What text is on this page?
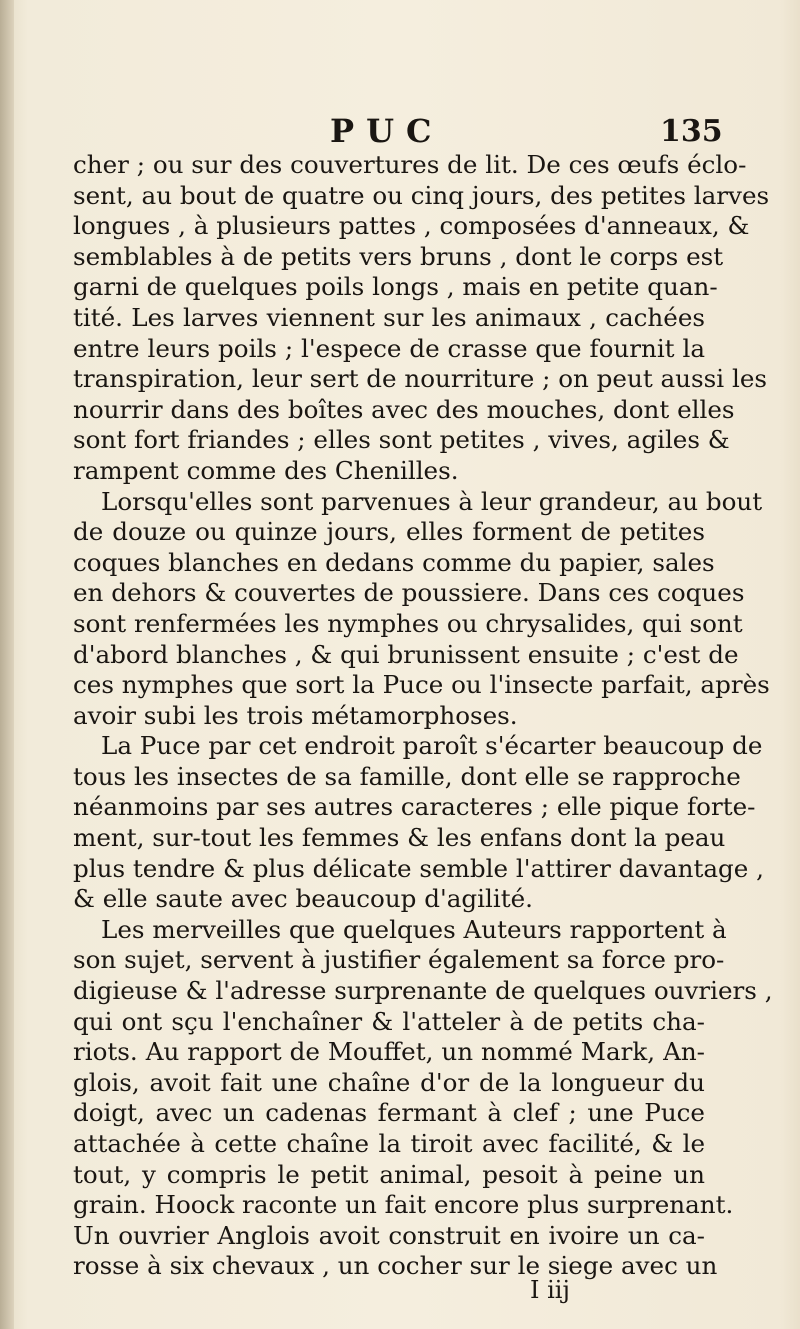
PUC	135
cher ; ou sur des couvertures de lit. De ces œufs éclo-
sent, au bout de quatre ou cinq jours, des petites larves
longues , à plusieurs pattes , composées d'anneaux, &
semblables à de petits vers bruns , dont le corps est
garni de quelques poils longs , mais en petite quan-
tité. Les larves viennent sur les animaux , cachées
entre leurs poils ; l'espece de crasse que fournit la
transpiration, leur sert de nourriture ; on peut aussi les
nourrir dans des boîtes avec des mouches, dont elles
sont fort friandes ; elles sont petites , vives, agiles &
rampent comme des Chenilles.
Lorsqu'elles sont parvenues à leur grandeur, au bout
de douze ou quinze jours, elles forment de petites
coques blanches en dedans comme du papier, sales
en dehors & couvertes de poussiere. Dans ces coques
sont renfermées les nymphes ou chrysalides, qui sont
d'abord blanches , & qui brunissent ensuite ; c'est de
ces nymphes que sort la Puce ou l'insecte parfait, après
avoir subi les trois métamorphoses.
La Puce par cet endroit paroît s'écarter beaucoup de
tous les insectes de sa famille, dont elle se rapproche
néanmoins par ses autres caracteres ; elle pique forte-
ment, sur-tout les femmes & les enfans dont la peau
plus tendre & plus délicate semble l'attirer davantage ,
& elle saute avec beaucoup d'agilité.
Les merveilles que quelques Auteurs rapportent à
son sujet, servent à justifier également sa force pro-
digieuse & l'adresse surprenante de quelques ouvriers ,
qui ont sçu l'enchaîner & l'atteler à de petits cha-
riots. Au rapport de Mouffet, un nommé Mark, An-
glois, avoit fait une chaîne d'or de la longueur du
doigt, avec un cadenas fermant à clef ; une Puce
attachée à cette chaîne la tiroit avec facilité, & le
tout, y compris le petit animal, pesoit à peine un
grain. Hoock raconte un fait encore plus surprenant.
Un ouvrier Anglois avoit construit en ivoire un ca-
rosse à six chevaux , un cocher sur le siege avec un
I iij
